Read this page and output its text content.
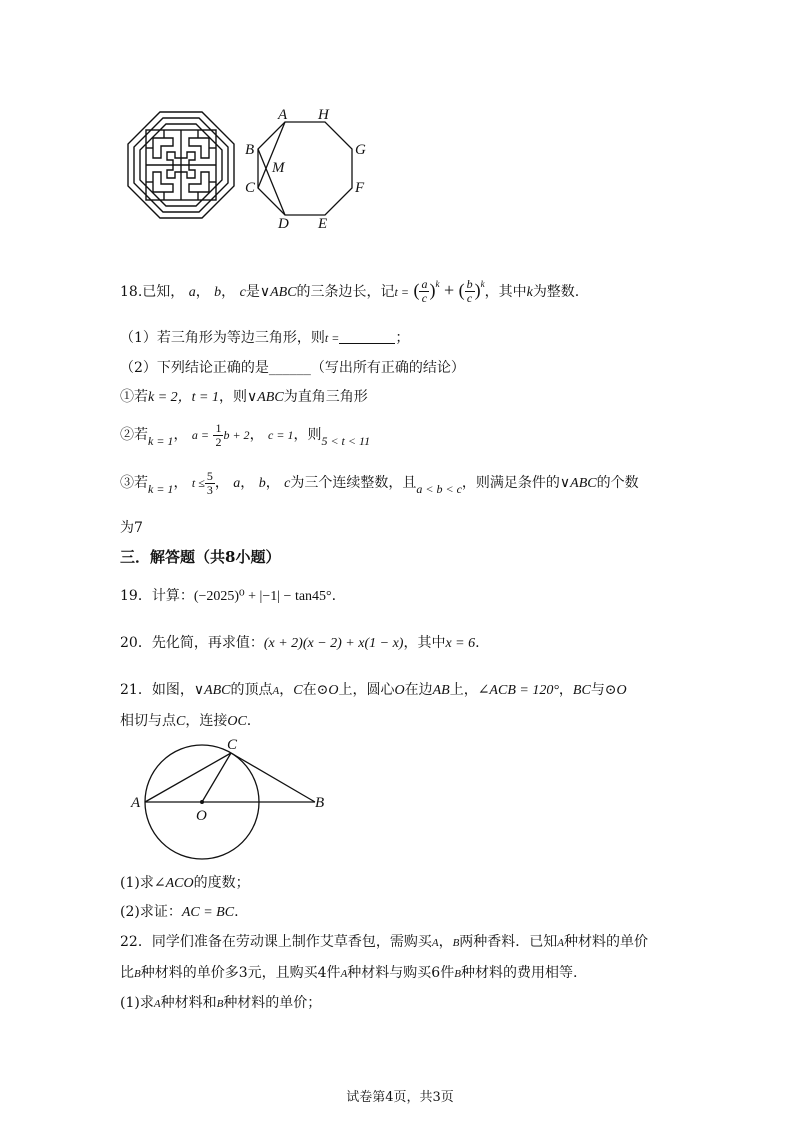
A H
B	G
M
C	F
D E
18.已知， a， b， c是∨ABC的三条边长，记t = ( $\frac{a}{c} )^k$ + ( $\frac{b}{c} )^k$，其中k为整数.
（1）若三角形为等边三角形，则t =	；
（2）下列结论正确的是______（写出所有正确的结论）
①若k = 2，t = 1，则∨ABC为直角三角形
②若k = 1， $a = \frac{1}{2}$ b + 2， c = 1，则5 < t < 11
③若k = 1， $t \le \frac{5}{3}$ ， a， b， c为三个连续整数，且a < b < c，则满足条件的∨ABC的个数
为7
三．解答题（共8小题）
19．计算：(−2025)⁰ + |−1| − tan45°.
20．先化简，再求值：(x + 2)(x − 2) + x(1 − x)，其中x = 6.
21．如图，∨ABC的顶点A，C在⊙O上，圆心O在边AB上，∠ACB = 120°，BC与⊙O
相切与点C，连接OC.
C
A
O
B
(1)求∠ACO的度数；
(2)求证：AC = BC.
22．同学们准备在劳动课上制作艾草香包，需购买A，B两种香料．已知A种材料的单价
比B种材料的单价多3元，且购买4件A种材料与购买6件B种材料的费用相等.
(1)求A种材料和B种材料的单价；
试卷第4页，共3页
